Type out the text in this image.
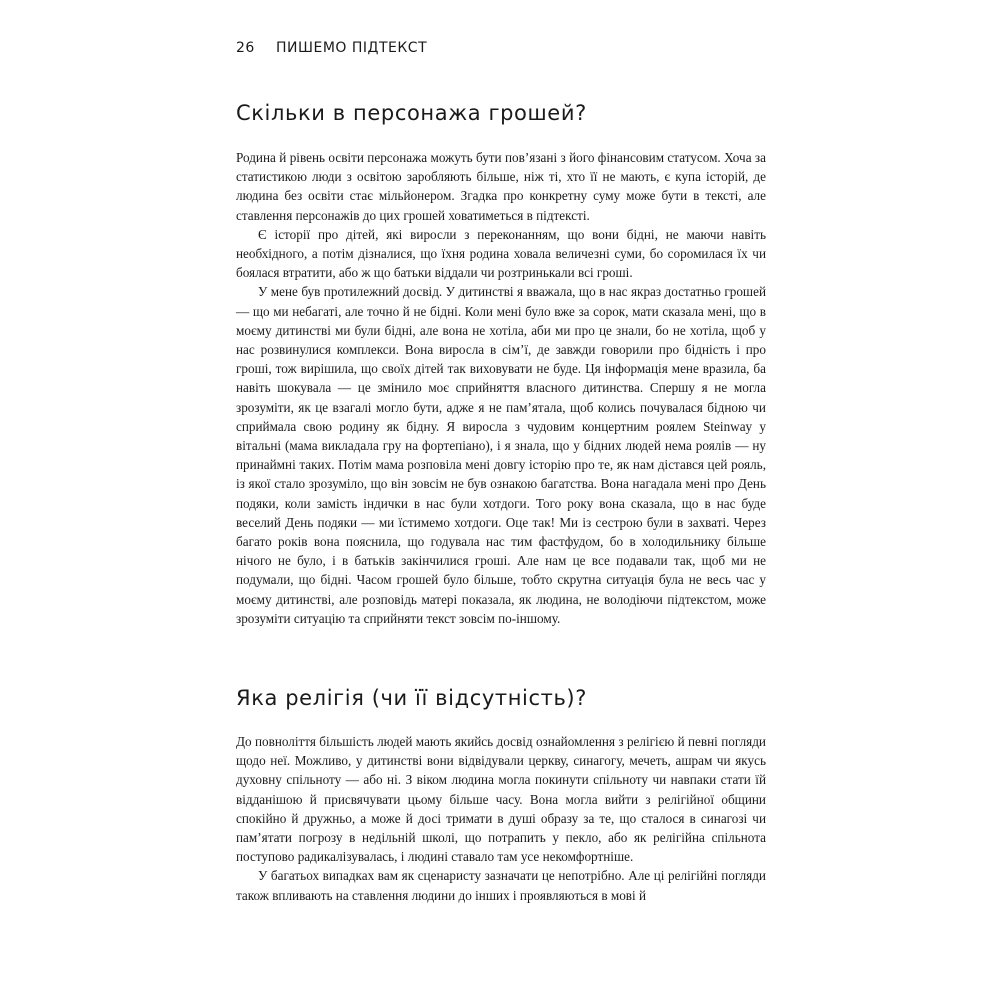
26 ПИШЕМО ПІДТЕКСТ
Скільки в персонажа грошей?

Родина й рівень освіти персонажа можуть бути пов’язані з його фінансовим статусом. Хоча за статистикою люди з освітою заробляють більше, ніж ті, хто її не мають, є купа історій, де людина без освіти стає мільйонером. Згадка про конкретну суму може бути в тексті, але ставлення персонажів до цих грошей ховатиметься в підтексті.

Є історії про дітей, які виросли з переконанням, що вони бідні, не маючи навіть необхідного, а потім дізналися, що їхня родина ховала величезні суми, бо соромилася їх чи боялася втратити, або ж що батьки віддали чи розтринькали всі гроші.

У мене був протилежний досвід. У дитинстві я вважала, що в нас якраз достатньо грошей — що ми небагаті, але точно й не бідні. Коли мені було вже за сорок, мати сказала мені, що в моєму дитинстві ми були бідні, але вона не хотіла, аби ми про це знали, бо не хотіла, щоб у нас розвинулися комплекси. Вона виросла в сім’ї, де завжди говорили про бідність і про гроші, тож вирішила, що своїх дітей так виховувати не буде. Ця інформація мене вразила, ба навіть шокувала — це змінило моє сприйняття власного дитинства. Спершу я не могла зрозуміти, як це взагалі могло бути, адже я не пам’ятала, щоб колись почувалася бідною чи сприймала свою родину як бідну. Я виросла з чудовим концертним роялем Steinway у вітальні (мама викладала гру на фортепіано), і я знала, що у бідних людей нема роялів — ну принаймні таких. Потім мама розповіла мені довгу історію про те, як нам дістався цей рояль, із якої стало зрозуміло, що він зовсім не був ознакою багатства. Вона нагадала мені про День подяки, коли замість індички в нас були хотдоги. Того року вона сказала, що в нас буде веселий День подяки — ми їстимемо хотдоги. Оце так! Ми із сестрою були в захваті. Через багато років вона пояснила, що годувала нас тим фастфудом, бо в холодильнику більше нічого не було, і в батьків закінчилися гроші. Але нам це все подавали так, щоб ми не подумали, що бідні. Часом грошей було більше, тобто скрутна ситуація була не весь час у моєму дитинстві, але розповідь матері показала, як людина, не володіючи підтекстом, може зрозуміти ситуацію та сприйняти текст зовсім по-іншому.

Яка релігія (чи її відсутність)?

До повноліття більшість людей мають якийсь досвід ознайомлення з релігією й певні погляди щодо неї. Можливо, у дитинстві вони відвідували церкву, синагогу, мечеть, ашрам чи якусь духовну спільноту — або ні. З віком людина могла покинути спільноту чи навпаки стати їй відданішою й присвячувати цьому більше часу. Вона могла вийти з релігійної общини спокійно й дружньо, а може й досі тримати в душі образу за те, що сталося в синагозі чи пам’ятати погрозу в недільній школі, що потрапить у пекло, або як релігійна спільнота поступово радикалізувалась, і людині ставало там усе некомфортніше.

У багатьох випадках вам як сценаристу зазначати це непотрібно. Але ці релігійні погляди також впливають на ставлення людини до інших і проявляються в мові й
